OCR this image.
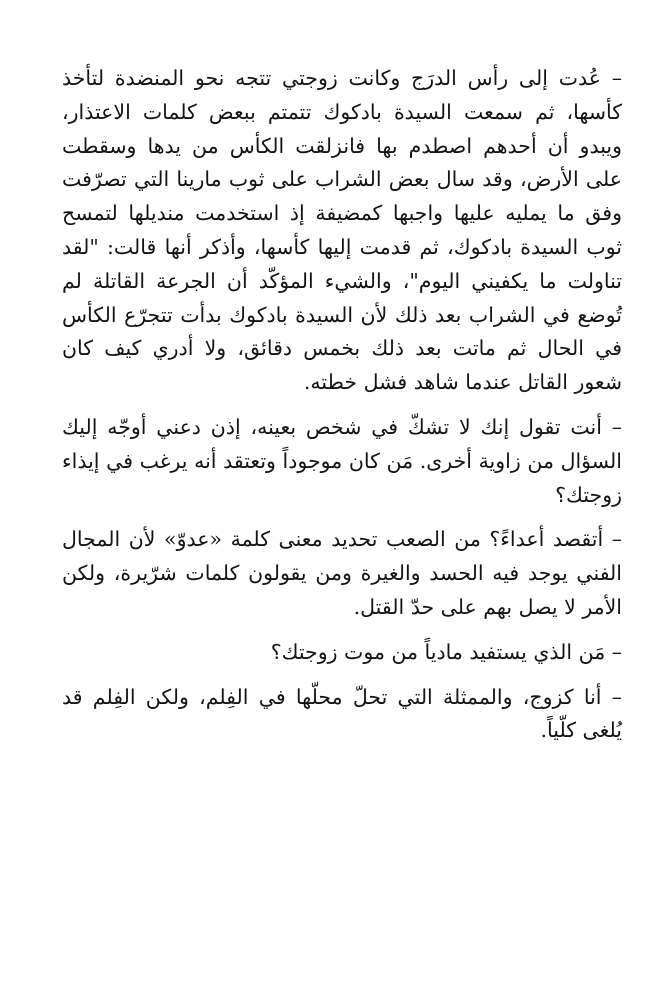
– عُدت إلى رأس الدرَج وكانت زوجتي تتجه نحو المنضدة لتأخذ كأسها، ثم سمعت السيدة بادكوك تتمتم ببعض كلمات الاعتذار، ويبدو أن أحدهم اصطدم بها فانزلقت الكأس من يدها وسقطت على الأرض، وقد سال بعض الشراب على ثوب مارينا التي تصرّفت وفق ما يمليه عليها واجبها كمضيفة إذ استخدمت منديلها لتمسح ثوب السيدة بادكوك، ثم قدمت إليها كأسها، وأذكر أنها قالت: "لقد تناولت ما يكفيني اليوم"، والشيء المؤكّد أن الجرعة القاتلة لم تُوضع في الشراب بعد ذلك لأن السيدة بادكوك بدأت تتجرّع الكأس في الحال ثم ماتت بعد ذلك بخمس دقائق، ولا أدري كيف كان شعور القاتل عندما شاهد فشل خطته.

– أنت تقول إنك لا تشكّ في شخص بعينه، إذن دعني أوجّه إليك السؤال من زاوية أخرى. مَن كان موجوداً وتعتقد أنه يرغب في إيذاء زوجتك؟

– أتقصد أعداءً؟ من الصعب تحديد معنى كلمة «عدوّ» لأن المجال الفني يوجد فيه الحسد والغيرة ومن يقولون كلمات شرّيرة، ولكن الأمر لا يصل بهم على حدّ القتل.

– مَن الذي يستفيد مادياً من موت زوجتك؟

– أنا كزوج، والممثلة التي تحلّ محلّها في الفِلم، ولكن الفِلم قد يُلغى كلّياً.
